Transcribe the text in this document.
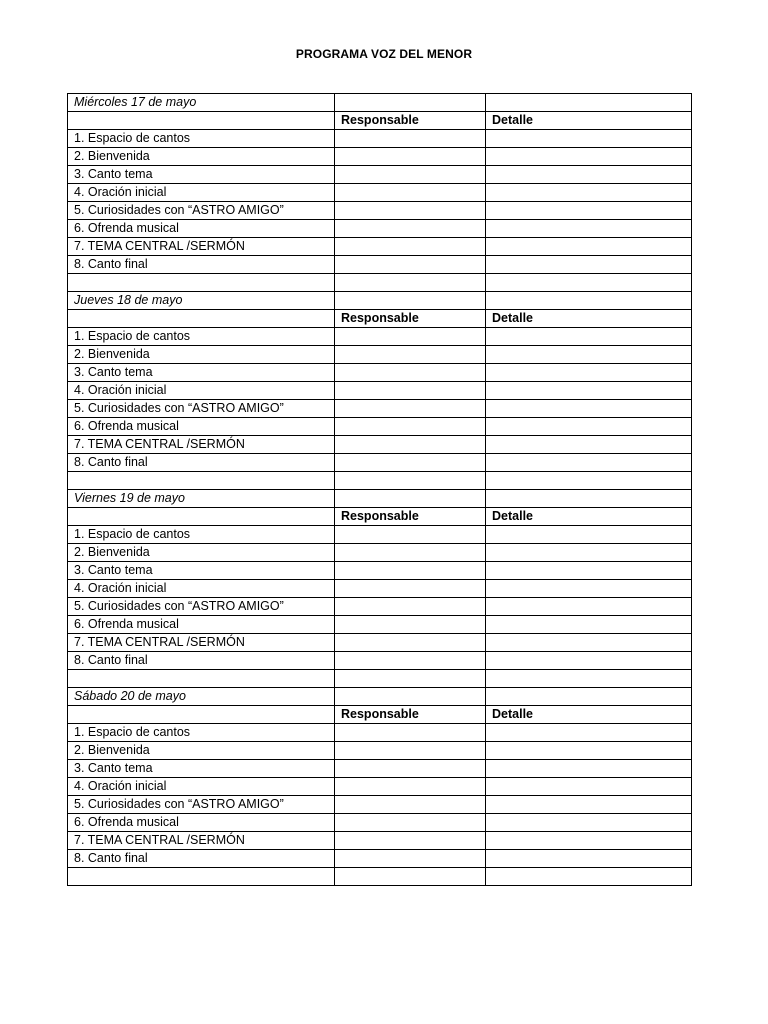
PROGRAMA VOZ DEL MENOR
Miércoles 17 de mayo		
	Responsable	Detalle
1. Espacio de cantos		
2. Bienvenida		
3. Canto tema		
4. Oración inicial		
5. Curiosidades con “ASTRO AMIGO”		
6. Ofrenda musical		
7. TEMA CENTRAL /SERMÓN		
8. Canto final		

Jueves 18 de mayo		
	Responsable	Detalle
1. Espacio de cantos		
2. Bienvenida		
3. Canto tema		
4. Oración inicial		
5. Curiosidades con “ASTRO AMIGO”		
6. Ofrenda musical		
7. TEMA CENTRAL /SERMÓN		
8. Canto final		

Viernes 19 de mayo		
	Responsable	Detalle
1. Espacio de cantos		
2. Bienvenida		
3. Canto tema		
4. Oración inicial		
5. Curiosidades con “ASTRO AMIGO”		
6. Ofrenda musical		
7. TEMA CENTRAL /SERMÓN		
8. Canto final		

Sábado 20 de mayo		
	Responsable	Detalle
1. Espacio de cantos		
2. Bienvenida		
3. Canto tema		
4. Oración inicial		
5. Curiosidades con “ASTRO AMIGO”		
6. Ofrenda musical		
7. TEMA CENTRAL /SERMÓN		
8. Canto final		
